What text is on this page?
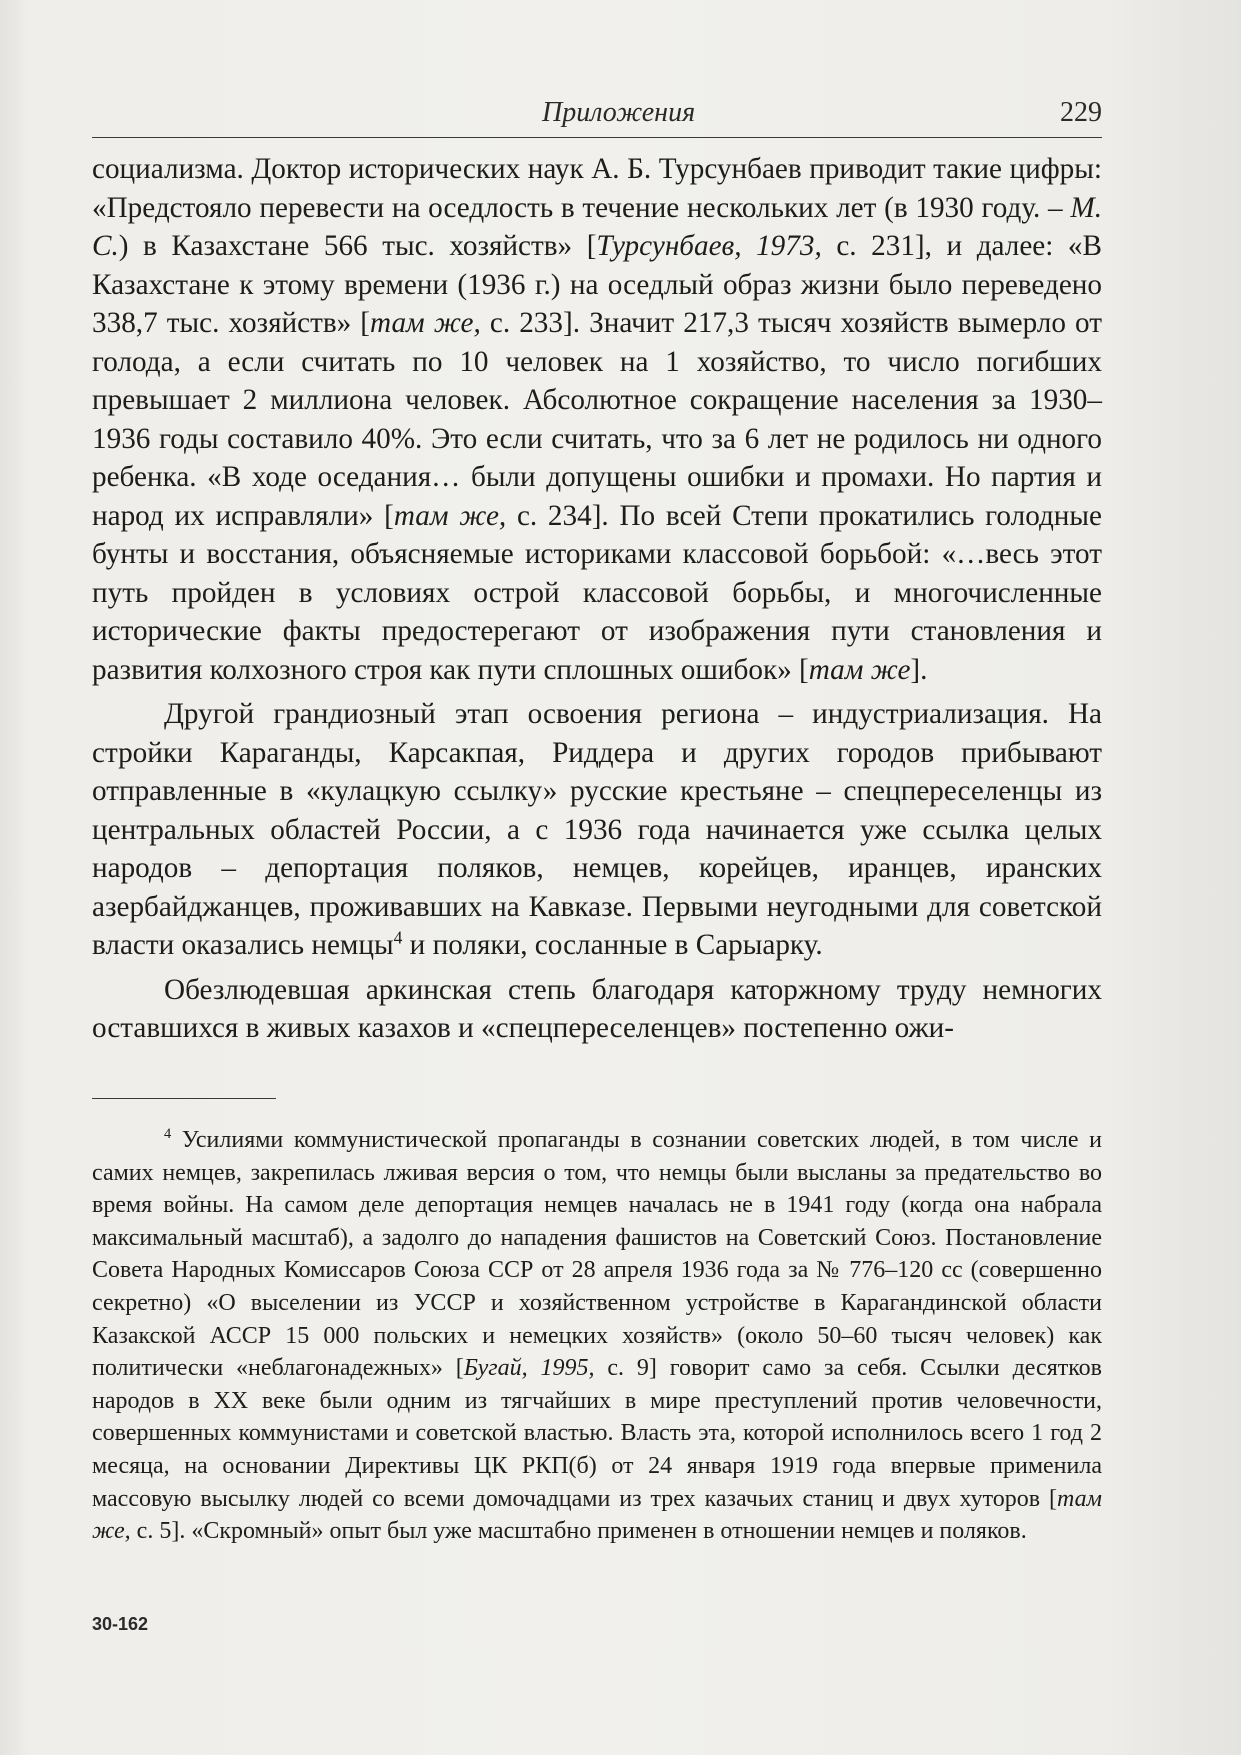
Приложения	229

социализма. Доктор исторических наук А. Б. Турсунбаев приводит такие цифры: «Предстояло перевести на оседлость в течение нескольких лет (в 1930 году. – М. С.) в Казахстане 566 тыс. хозяйств» [Турсунбаев, 1973, с. 231], и далее: «В Казахстане к этому времени (1936 г.) на оседлый образ жизни было переведено 338,7 тыс. хозяйств» [там же, с. 233]. Значит 217,3 тысяч хозяйств вымерло от голода, а если считать по 10 человек на 1 хозяйство, то число погибших превышает 2 миллиона человек. Абсолютное сокращение населения за 1930–1936 годы составило 40%. Это если считать, что за 6 лет не родилось ни одного ребенка. «В ходе оседания… были допущены ошибки и промахи. Но партия и народ их исправляли» [там же, с. 234]. По всей Степи прокатились голодные бунты и восстания, объясняемые историками классовой борьбой: «…весь этот путь пройден в условиях острой классовой борьбы, и многочисленные исторические факты предостерегают от изображения пути становления и развития колхозного строя как пути сплошных ошибок» [там же].

Другой грандиозный этап освоения региона – индустриализация. На стройки Караганды, Карсакпая, Риддера и других городов прибывают отправленные в «кулацкую ссылку» русские крестьяне – спецпереселенцы из центральных областей России, а с 1936 года начинается уже ссылка целых народов – депортация поляков, немцев, корейцев, иранцев, иранских азербайджанцев, проживавших на Кавказе. Первыми неугодными для советской власти оказались немцы$^4$ и поляки, сосланные в Сарыарку.

Обезлюдевшая аркинская степь благодаря каторжному труду немногих оставшихся в живых казахов и «спецпереселенцев» постепенно ожи-

$^4$ Усилиями коммунистической пропаганды в сознании советских людей, в том числе и самих немцев, закрепилась лживая версия о том, что немцы были высланы за предательство во время войны. На самом деле депортация немцев началась не в 1941 году (когда она набрала максимальный масштаб), а задолго до нападения фашистов на Советский Союз. Постановление Совета Народных Комиссаров Союза ССР от 28 апреля 1936 года за № 776–120 сс (совершенно секретно) «О выселении из УССР и хозяйственном устройстве в Карагандинской области Казакской АССР 15 000 польских и немецких хозяйств» (около 50–60 тысяч человек) как политически «неблагонадежных» [Бугай, 1995, с. 9] говорит само за себя. Ссылки десятков народов в XX веке были одним из тягчайших в мире преступлений против человечности, совершенных коммунистами и советской властью. Власть эта, которой исполнилось всего 1 год 2 месяца, на основании Директивы ЦК РКП(б) от 24 января 1919 года впервые применила массовую высылку людей со всеми домочадцами из трех казачьих станиц и двух хуторов [там же, с. 5]. «Скромный» опыт был уже масштабно применен в отношении немцев и поляков.

30-162
